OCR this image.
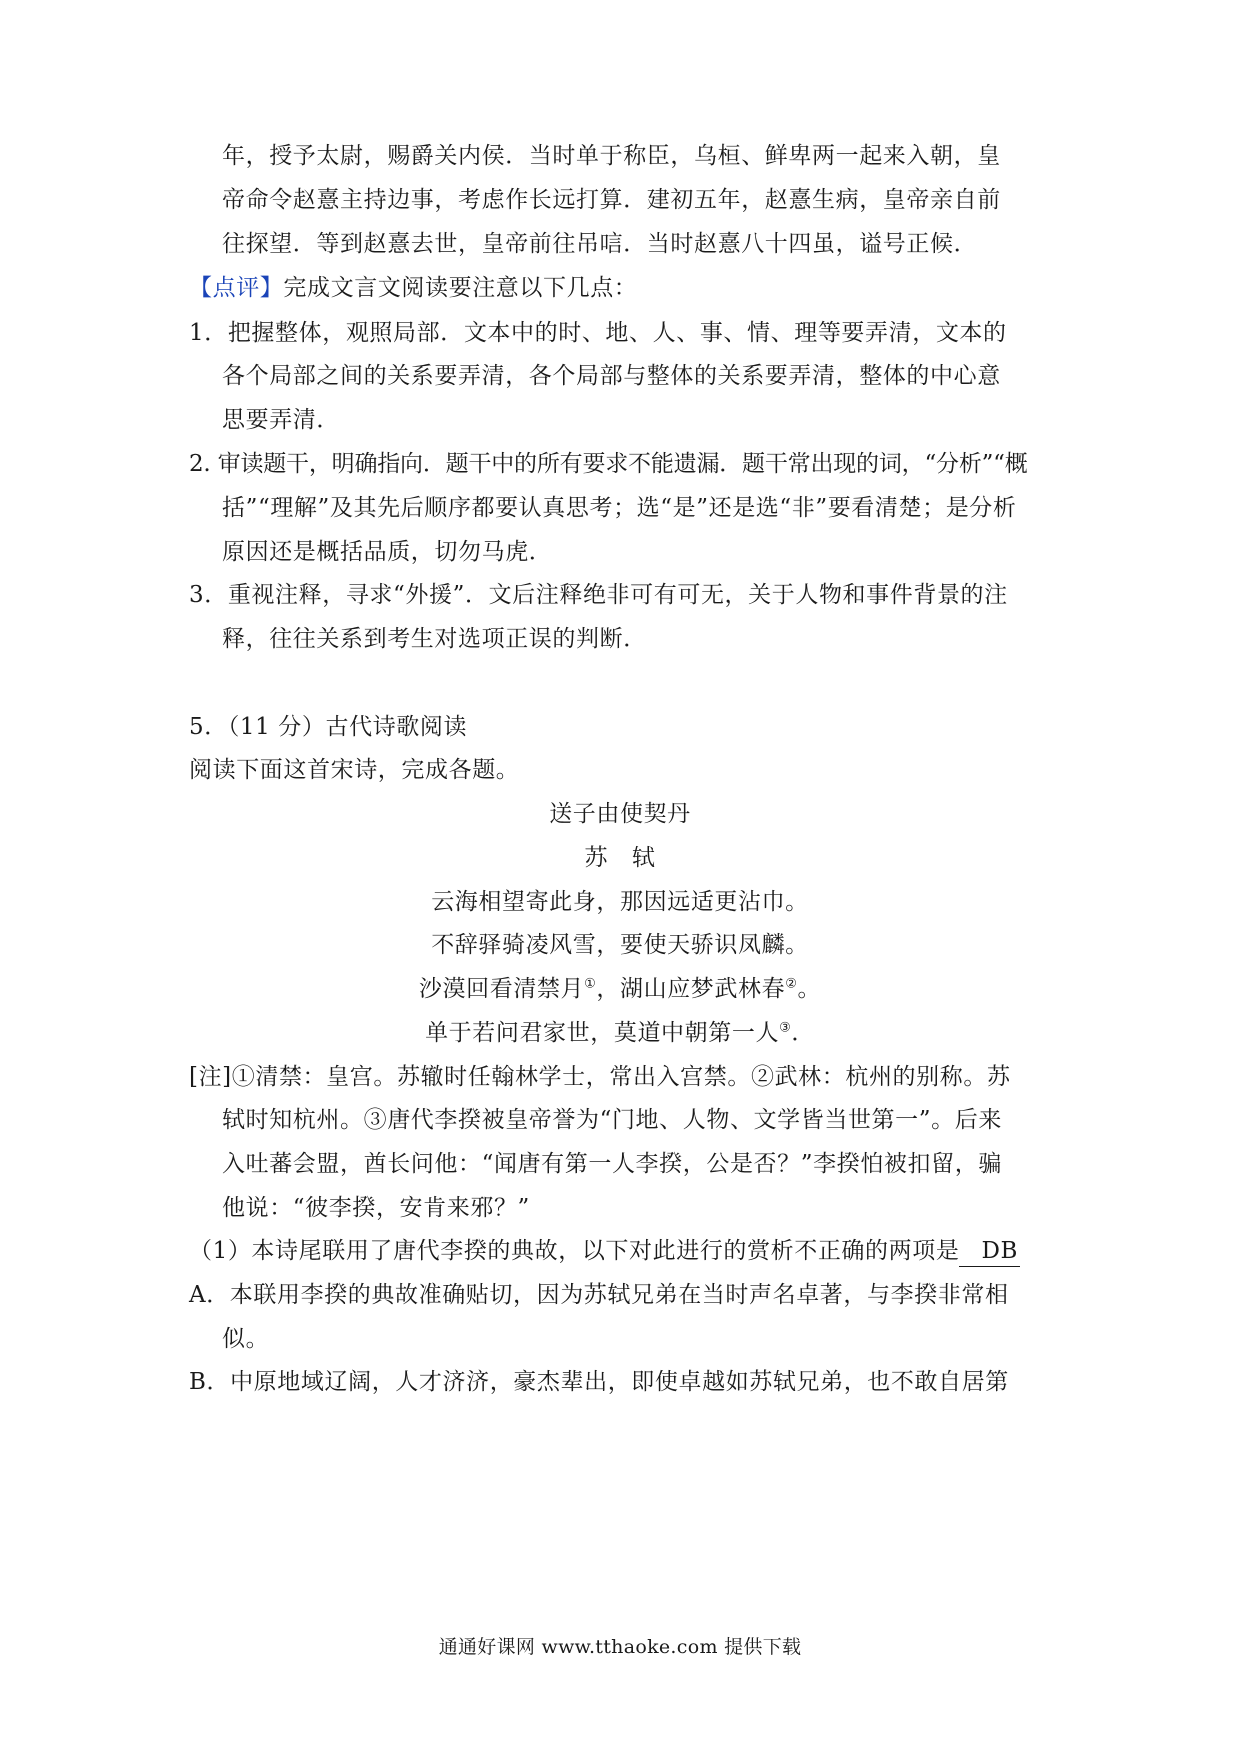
年，授予太尉，赐爵关内侯．当时单于称臣，乌桓、鲜卑两一起来入朝，皇
帝命令赵憙主持边事，考虑作长远打算．建初五年，赵憙生病，皇帝亲自前
往探望．等到赵憙去世，皇帝前往吊唁．当时赵憙八十四虽，谥号正候．
【点评】完成文言文阅读要注意以下几点：
1．把握整体，观照局部．文本中的时、地、人、事、情、理等要弄清，文本的
各个局部之间的关系要弄清，各个局部与整体的关系要弄清，整体的中心意
思要弄清．
2. 审读题干，明确指向．题干中的所有要求不能遗漏．题干常出现的词，“分析”“概
括”“理解”及其先后顺序都要认真思考；选“是”还是选“非”要看清楚；是分析
原因还是概括品质，切勿马虎．
3．重视注释，寻求“外援”．文后注释绝非可有可无，关于人物和事件背景的注
释，往往关系到考生对选项正误的判断．
5．（11 分）古代诗歌阅读
阅读下面这首宋诗，完成各题。
送子由使契丹
苏   轼
云海相望寄此身，那因远适更沾巾。
不辞驿骑凌风雪，要使天骄识凤麟。
沙漠回看清禁月①，湖山应梦武林春②。
单于若问君家世，莫道中朝第一人③．
[注]①清禁：皇宫。苏辙时任翰林学士，常出入宫禁。②武林：杭州的别称。苏
轼时知杭州。③唐代李揆被皇帝誉为“门地、人物、文学皆当世第一”。后来
入吐蕃会盟，酋长问他：“闻唐有第一人李揆，公是否？”李揆怕被扣留，骗
他说：“彼李揆，安肯来邪？”
（1）本诗尾联用了唐代李揆的典故，以下对此进行的赏析不正确的两项是 DB
A．本联用李揆的典故准确贴切，因为苏轼兄弟在当时声名卓著，与李揆非常相
似。
B．中原地域辽阔，人才济济，豪杰辈出，即使卓越如苏轼兄弟，也不敢自居第
通通好课网 www.tthaoke.com 提供下载
